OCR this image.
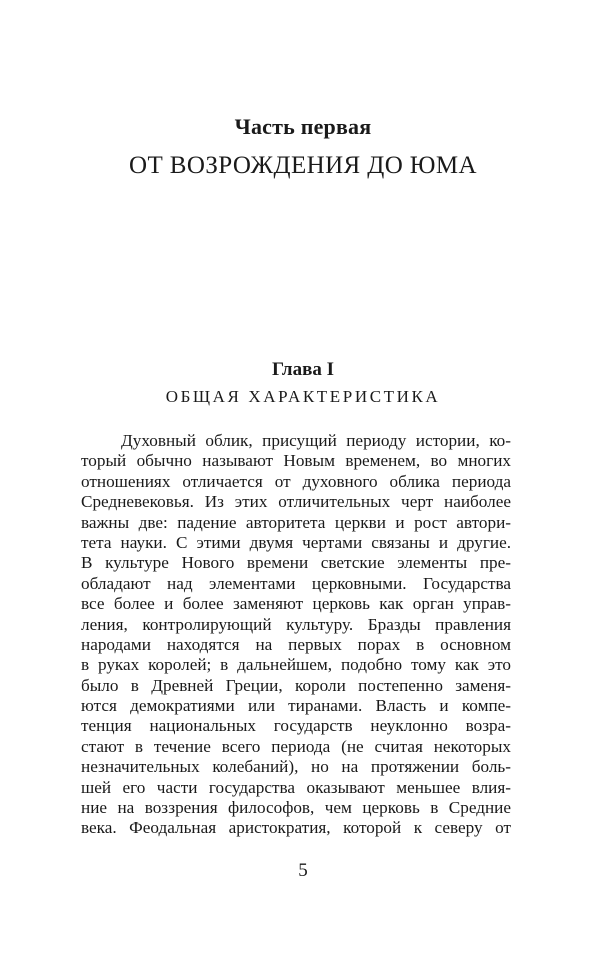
Часть первая
ОТ ВОЗРОЖДЕНИЯ ДО ЮМА
Глава I
ОБЩАЯ ХАРАКТЕРИСТИКА
Духовный облик, присущий периоду истории, ко-
торый обычно называют Новым временем, во многих
отношениях отличается от духовного облика периода
Средневековья. Из этих отличительных черт наиболее
важны две: падение авторитета церкви и рост автори-
тета науки. С этими двумя чертами связаны и другие.
В культуре Нового времени светские элементы пре-
обладают над элементами церковными. Государства
все более и более заменяют церковь как орган управ-
ления, контролирующий культуру. Бразды правления
народами находятся на первых порах в основном
в руках королей; в дальнейшем, подобно тому как это
было в Древней Греции, короли постепенно заменя-
ются демократиями или тиранами. Власть и компе-
тенция национальных государств неуклонно возра-
стают в течение всего периода (не считая некоторых
незначительных колебаний), но на протяжении боль-
шей его части государства оказывают меньшее влия-
ние на воззрения философов, чем церковь в Средние
века. Феодальная аристократия, которой к северу от
5
